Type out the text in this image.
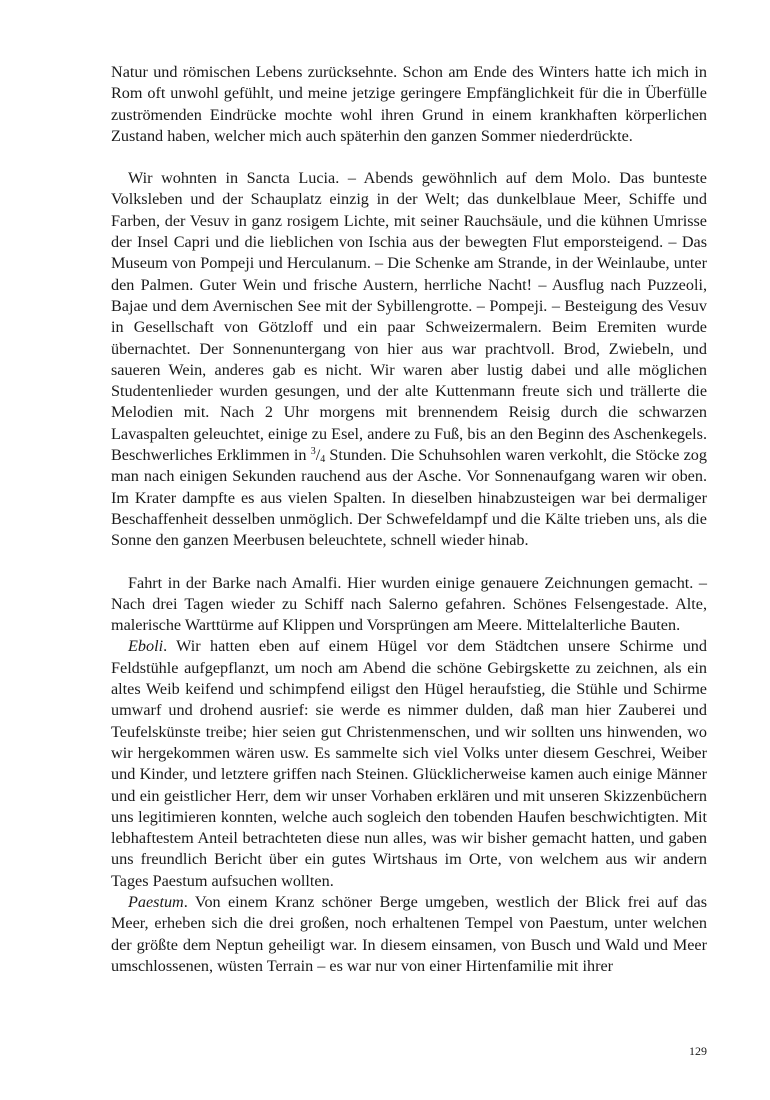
Natur und römischen Lebens zurücksehnte. Schon am Ende des Winters hatte ich mich in Rom oft unwohl gefühlt, und meine jetzige geringere Empfänglichkeit für die in Überfülle zuströmenden Eindrücke mochte wohl ihren Grund in einem krankhaften körperlichen Zustand haben, welcher mich auch späterhin den ganzen Sommer niederdrückte.

Wir wohnten in Sancta Lucia. – Abends gewöhnlich auf dem Molo. Das bunteste Volksleben und der Schauplatz einzig in der Welt; das dunkelblaue Meer, Schiffe und Farben, der Vesuv in ganz rosigem Lichte, mit seiner Rauchsäule, und die kühnen Umrisse der Insel Capri und die lieblichen von Ischia aus der bewegten Flut emporsteigend. – Das Museum von Pompeji und Herculanum. – Die Schenke am Strande, in der Weinlaube, unter den Palmen. Guter Wein und frische Austern, herrliche Nacht! – Ausflug nach Puzzeoli, Bajae und dem Avernischen See mit der Sybillengrotte. – Pompeji. – Besteigung des Vesuv in Gesellschaft von Götzloff und ein paar Schweizermalern. Beim Eremiten wurde übernachtet. Der Sonnenuntergang von hier aus war prachtvoll. Brod, Zwiebeln, und saueren Wein, anderes gab es nicht. Wir waren aber lustig dabei und alle möglichen Studentenlieder wurden gesungen, und der alte Kuttenmann freute sich und trällerte die Melodien mit. Nach 2 Uhr morgens mit brennendem Reisig durch die schwarzen Lavaspalten geleuchtet, einige zu Esel, andere zu Fuß, bis an den Beginn des Aschenkegels. Beschwerliches Erklimmen in $^3$/4 Stunden. Die Schuhsohlen waren verkohlt, die Stöcke zog man nach einigen Sekunden rauchend aus der Asche. Vor Sonnenaufgang waren wir oben. Im Krater dampfte es aus vielen Spalten. In dieselben hinabzusteigen war bei dermaliger Beschaffenheit desselben unmöglich. Der Schwefeldampf und die Kälte trieben uns, als die Sonne den ganzen Meerbusen beleuchtete, schnell wieder hinab.

Fahrt in der Barke nach Amalfi. Hier wurden einige genauere Zeichnungen gemacht. – Nach drei Tagen wieder zu Schiff nach Salerno gefahren. Schönes Felsengestade. Alte, malerische Warttürme auf Klippen und Vorsprüngen am Meere. Mittelalterliche Bauten.

Eboli. Wir hatten eben auf einem Hügel vor dem Städtchen unsere Schirme und Feldstühle aufgepflanzt, um noch am Abend die schöne Gebirgskette zu zeichnen, als ein altes Weib keifend und schimpfend eiligst den Hügel heraufstieg, die Stühle und Schirme umwarf und drohend ausrief: sie werde es nimmer dulden, daß man hier Zauberei und Teufelskünste treibe; hier seien gut Christenmenschen, und wir sollten uns hinwenden, wo wir hergekommen wären usw. Es sammelte sich viel Volks unter diesem Geschrei, Weiber und Kinder, und letztere griffen nach Steinen. Glücklicherweise kamen auch einige Männer und ein geistlicher Herr, dem wir unser Vorhaben erklären und mit unseren Skizzenbüchern uns legitimieren konnten, welche auch sogleich den tobenden Haufen beschwichtigten. Mit lebhaftestem Anteil betrachteten diese nun alles, was wir bisher gemacht hatten, und gaben uns freundlich Bericht über ein gutes Wirtshaus im Orte, von welchem aus wir andern Tages Paestum aufsuchen wollten.

Paestum. Von einem Kranz schöner Berge umgeben, westlich der Blick frei auf das Meer, erheben sich die drei großen, noch erhaltenen Tempel von Paestum, unter welchen der größte dem Neptun geheiligt war. In diesem einsamen, von Busch und Wald und Meer umschlossenen, wüsten Terrain – es war nur von einer Hirtenfamilie mit ihrer

129
